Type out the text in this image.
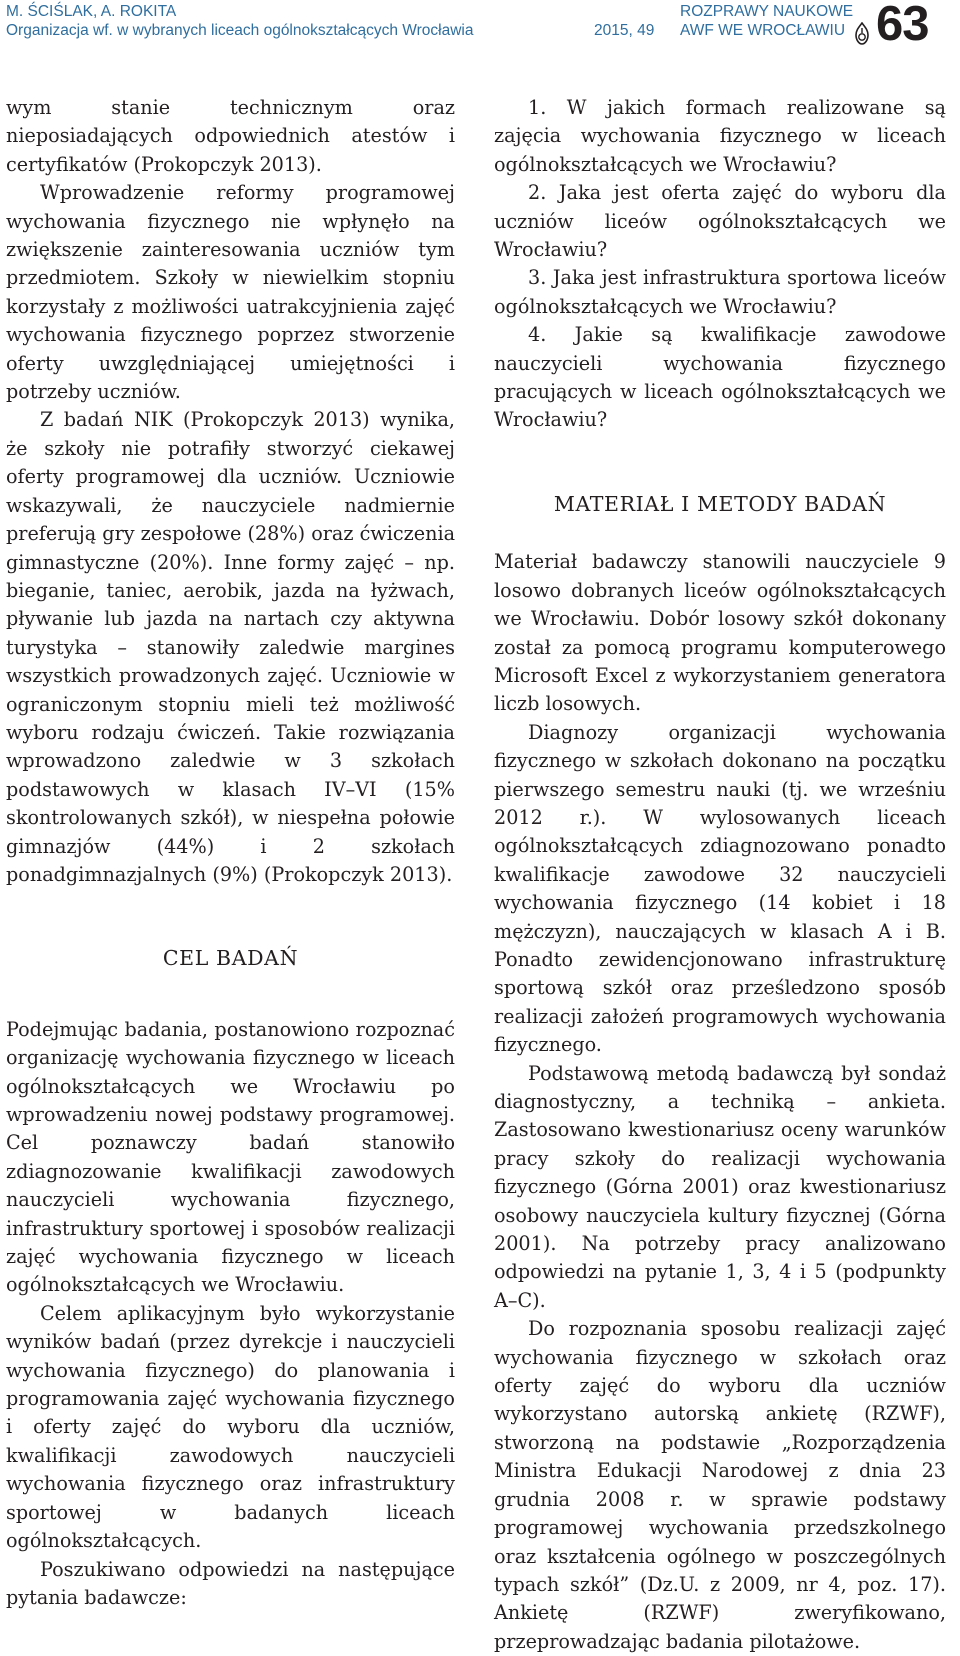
M. ŚCIŚLAK, A. ROKITA
Organizacja wf. w wybranych liceach ogólnokształcących Wrocławia	2015, 49
ROZPRAWY NAUKOWE
AWF WE WROCŁAWIU 63

wym stanie technicznym oraz nieposiadających odpowiednich atestów i certyfikatów (Prokopczyk 2013).

Wprowadzenie reformy programowej wychowania fizycznego nie wpłynęło na zwiększenie zainteresowania uczniów tym przedmiotem. Szkoły w niewielkim stopniu korzystały z możliwości uatrakcyjnienia zajęć wychowania fizycznego poprzez stworzenie oferty uwzględniającej umiejętności i potrzeby uczniów.

Z badań NIK (Prokopczyk 2013) wynika, że szkoły nie potrafiły stworzyć ciekawej oferty programowej dla uczniów. Uczniowie wskazywali, że nauczyciele nadmiernie preferują gry zespołowe (28%) oraz ćwiczenia gimnastyczne (20%). Inne formy zajęć – np. bieganie, taniec, aerobik, jazda na łyżwach, pływanie lub jazda na nartach czy aktywna turystyka – stanowiły zaledwie margines wszystkich prowadzonych zajęć. Uczniowie w ograniczonym stopniu mieli też możliwość wyboru rodzaju ćwiczeń. Takie rozwiązania wprowadzono zaledwie w 3 szkołach podstawowych w klasach IV–VI (15% skontrolowanych szkół), w niespełna połowie gimnazjów (44%) i 2 szkołach ponadgimnazjalnych (9%) (Prokopczyk 2013).

CEL BADAŃ

Podejmując badania, postanowiono rozpoznać organizację wychowania fizycznego w liceach ogólnokształcących we Wrocławiu po wprowadzeniu nowej podstawy programowej. Cel poznawczy badań stanowiło zdiagnozowanie kwalifikacji zawodowych nauczycieli wychowania fizycznego, infrastruktury sportowej i sposobów realizacji zajęć wychowania fizycznego w liceach ogólnokształcących we Wrocławiu.

Celem aplikacyjnym było wykorzystanie wyników badań (przez dyrekcje i nauczycieli wychowania fizycznego) do planowania i programowania zajęć wychowania fizycznego i oferty zajęć do wyboru dla uczniów, kwalifikacji zawodowych nauczycieli wychowania fizycznego oraz infrastruktury sportowej w badanych liceach ogólnokształcących.

Poszukiwano odpowiedzi na następujące pytania badawcze:

1. W jakich formach realizowane są zajęcia wychowania fizycznego w liceach ogólnokształcących we Wrocławiu?

2. Jaka jest oferta zajęć do wyboru dla uczniów liceów ogólnokształcących we Wrocławiu?

3. Jaka jest infrastruktura sportowa liceów ogólnokształcących we Wrocławiu?

4. Jakie są kwalifikacje zawodowe nauczycieli wychowania fizycznego pracujących w liceach ogólnokształcących we Wrocławiu?

MATERIAŁ I METODY BADAŃ

Materiał badawczy stanowili nauczyciele 9 losowo dobranych liceów ogólnokształcących we Wrocławiu. Dobór losowy szkół dokonany został za pomocą programu komputerowego Microsoft Excel z wykorzystaniem generatora liczb losowych.

Diagnozy organizacji wychowania fizycznego w szkołach dokonano na początku pierwszego semestru nauki (tj. we wrześniu 2012 r.). W wylosowanych liceach ogólnokształcących zdiagnozowano ponadto kwalifikacje zawodowe 32 nauczycieli wychowania fizycznego (14 kobiet i 18 mężczyzn), nauczających w klasach A i B. Ponadto zewidencjonowano infrastrukturę sportową szkół oraz prześledzono sposób realizacji założeń programowych wychowania fizycznego.

Podstawową metodą badawczą był sondaż diagnostyczny, a techniką – ankieta. Zastosowano kwestionariusz oceny warunków pracy szkoły do realizacji wychowania fizycznego (Górna 2001) oraz kwestionariusz osobowy nauczyciela kultury fizycznej (Górna 2001). Na potrzeby pracy analizowano odpowiedzi na pytanie 1, 3, 4 i 5 (podpunkty A–C).

Do rozpoznania sposobu realizacji zajęć wychowania fizycznego w szkołach oraz oferty zajęć do wyboru dla uczniów wykorzystano autorską ankietę (RZWF), stworzoną na podstawie „Rozporządzenia Ministra Edukacji Narodowej z dnia 23 grudnia 2008 r. w sprawie podstawy programowej wychowania przedszkolnego oraz kształcenia ogólnego w poszczególnych typach szkół” (Dz.U. z 2009, nr 4, poz. 17). Ankietę (RZWF) zweryfikowano, przeprowadzając badania pilotażowe.
